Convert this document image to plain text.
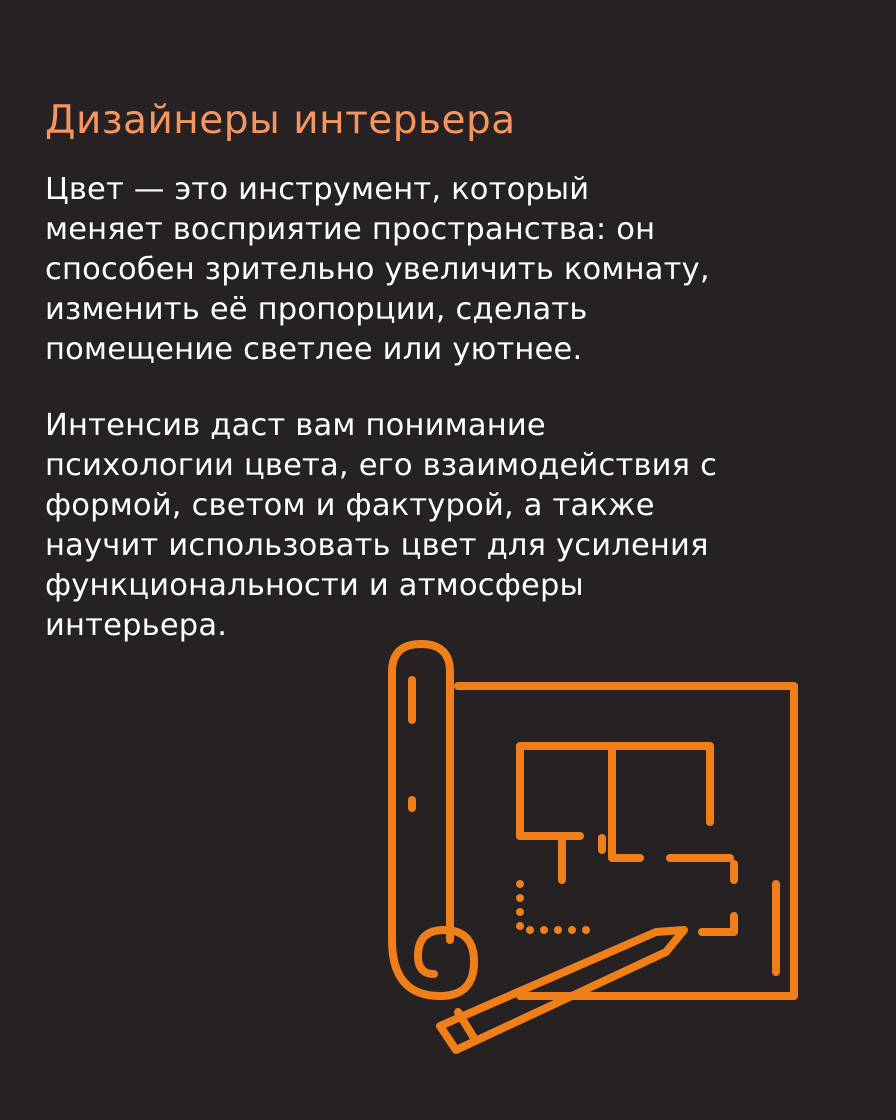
Дизайнеры интерьера

Цвет — это инструмент, который
меняет восприятие пространства: он
способен зрительно увеличить комнату,
изменить её пропорции, сделать
помещение светлее или уютнее.

Интенсив даст вам понимание
психологии цвета, его взаимодействия с
формой, светом и фактурой, а также
научит использовать цвет для усиления
функциональности и атмосферы
интерьера.
